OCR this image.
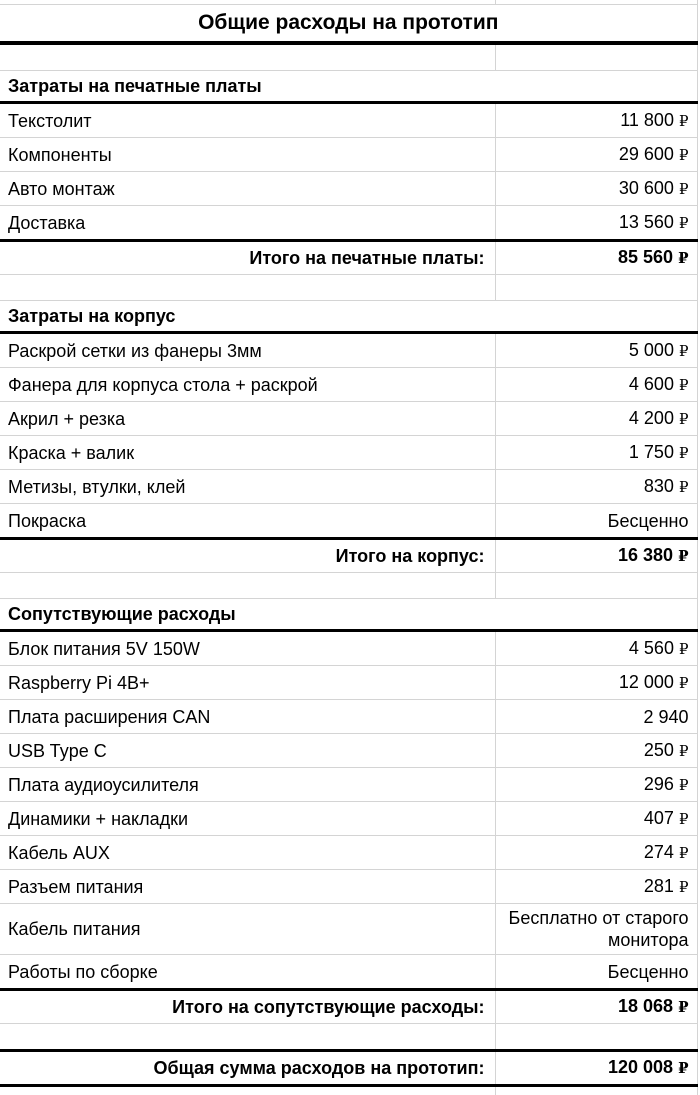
Общие расходы на прототип	

Затраты на печатные платы	
Текстолит	11 800 ₽
Компоненты	29 600 ₽
Авто монтаж	30 600 ₽
Доставка	13 560 ₽
Итого на печатные платы:	85 560 ₽

Затраты на корпус	
Раскрой сетки из фанеры 3мм	5 000 ₽
Фанера для корпуса стола + раскрой	4 600 ₽
Акрил + резка	4 200 ₽
Краска + валик	1 750 ₽
Метизы, втулки, клей	830 ₽
Покраска	Бесценно
Итого на корпус:	16 380 ₽

Сопутствующие расходы	
Блок питания 5V 150W	4 560 ₽
Raspberry Pi 4B+	12 000 ₽
Плата расширения CAN	2 940
USB Type C	250 ₽
Плата аудиоусилителя	296 ₽
Динамики + накладки	407 ₽
Кабель AUX	274 ₽
Разъем питания	281 ₽
Кабель питания	Бесплатно от старого монитора
Работы по сборке	Бесценно
Итого на сопутствующие расходы:	18 068 ₽

Общая сумма расходов на прототип:	120 008 ₽
